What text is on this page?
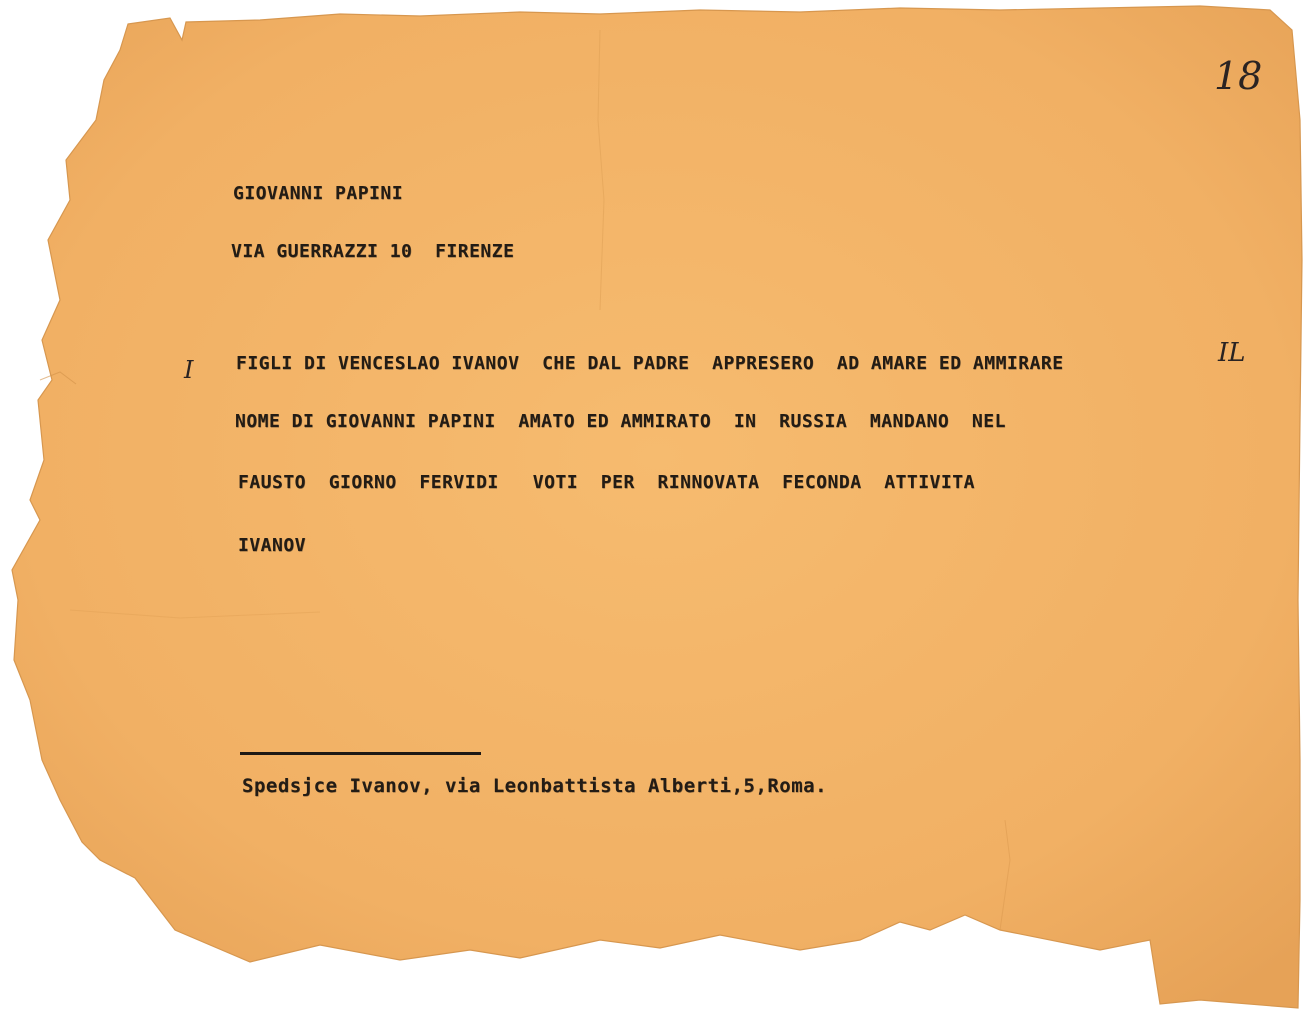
18
GIOVANNI PAPINI
VIA GUERRAZZI 10  FIRENZE
I FIGLI DI VENCESLAO IVANOV  CHE DAL PADRE  APPRESERO  AD AMARE ED AMMIRARE	IL
NOME DI GIOVANNI PAPINI  AMATO ED AMMIRATO  IN  RUSSIA  MANDANO  NEL
FAUSTO  GIORNO  FERVIDI   VOTI  PER  RINNOVATA  FECONDA  ATTIVITA
IVANOV
Spedsjce Ivanov, via Leonbattista Alberti,5,Roma.
